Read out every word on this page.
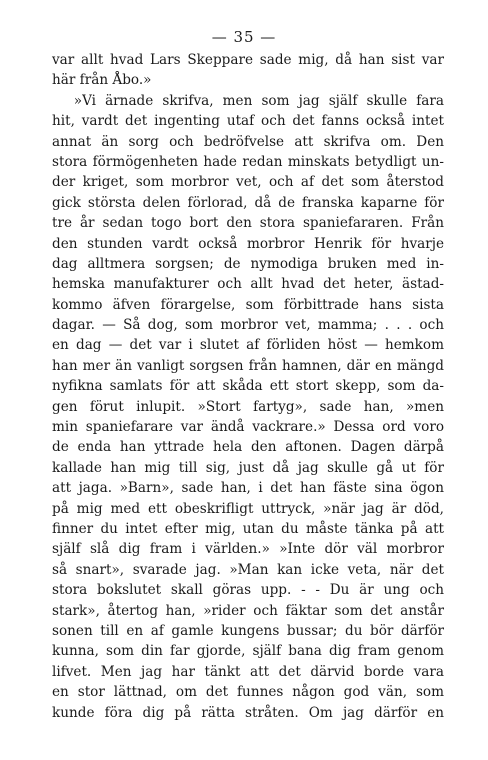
— 35 —
var allt hvad Lars Skeppare sade mig, då han sist var
här från Åbo.»
»Vi ärnade skrifva, men som jag själf skulle fara
hit, vardt det ingenting utaf och det fanns också intet
annat än sorg och bedröfvelse att skrifva om. Den
stora förmögenheten hade redan minskats betydligt un-
der kriget, som morbror vet, och af det som återstod
gick största delen förlorad, då de franska kaparne för
tre år sedan togo bort den stora spaniefararen. Från
den stunden vardt också morbror Henrik för hvarje
dag alltmera sorgsen; de nymodiga bruken med in-
hemska manufakturer och allt hvad det heter, ästad-
kommo äfven förargelse, som förbittrade hans sista
dagar. — Så dog, som morbror vet, mamma; . . . och
en dag — det var i slutet af förliden höst — hemkom
han mer än vanligt sorgsen från hamnen, där en mängd
nyfikna samlats för att skåda ett stort skepp, som da-
gen förut inlupit. »Stort fartyg», sade han, »men
min spaniefarare var ändå vackrare.» Dessa ord voro
de enda han yttrade hela den aftonen. Dagen därpå
kallade han mig till sig, just då jag skulle gå ut för
att jaga. »Barn», sade han, i det han fäste sina ögon
på mig med ett obeskrifligt uttryck, »när jag är död,
finner du intet efter mig, utan du måste tänka på att
själf slå dig fram i världen.» »Inte dör väl morbror
så snart», svarade jag. »Man kan icke veta, när det
stora bokslutet skall göras upp. - - Du är ung och
stark», återtog han, »rider och fäktar som det anstår
sonen till en af gamle kungens bussar; du bör därför
kunna, som din far gjorde, själf bana dig fram genom
lifvet. Men jag har tänkt att det därvid borde vara
en stor lättnad, om det funnes någon god vän, som
kunde föra dig på rätta stråten. Om jag därför en
